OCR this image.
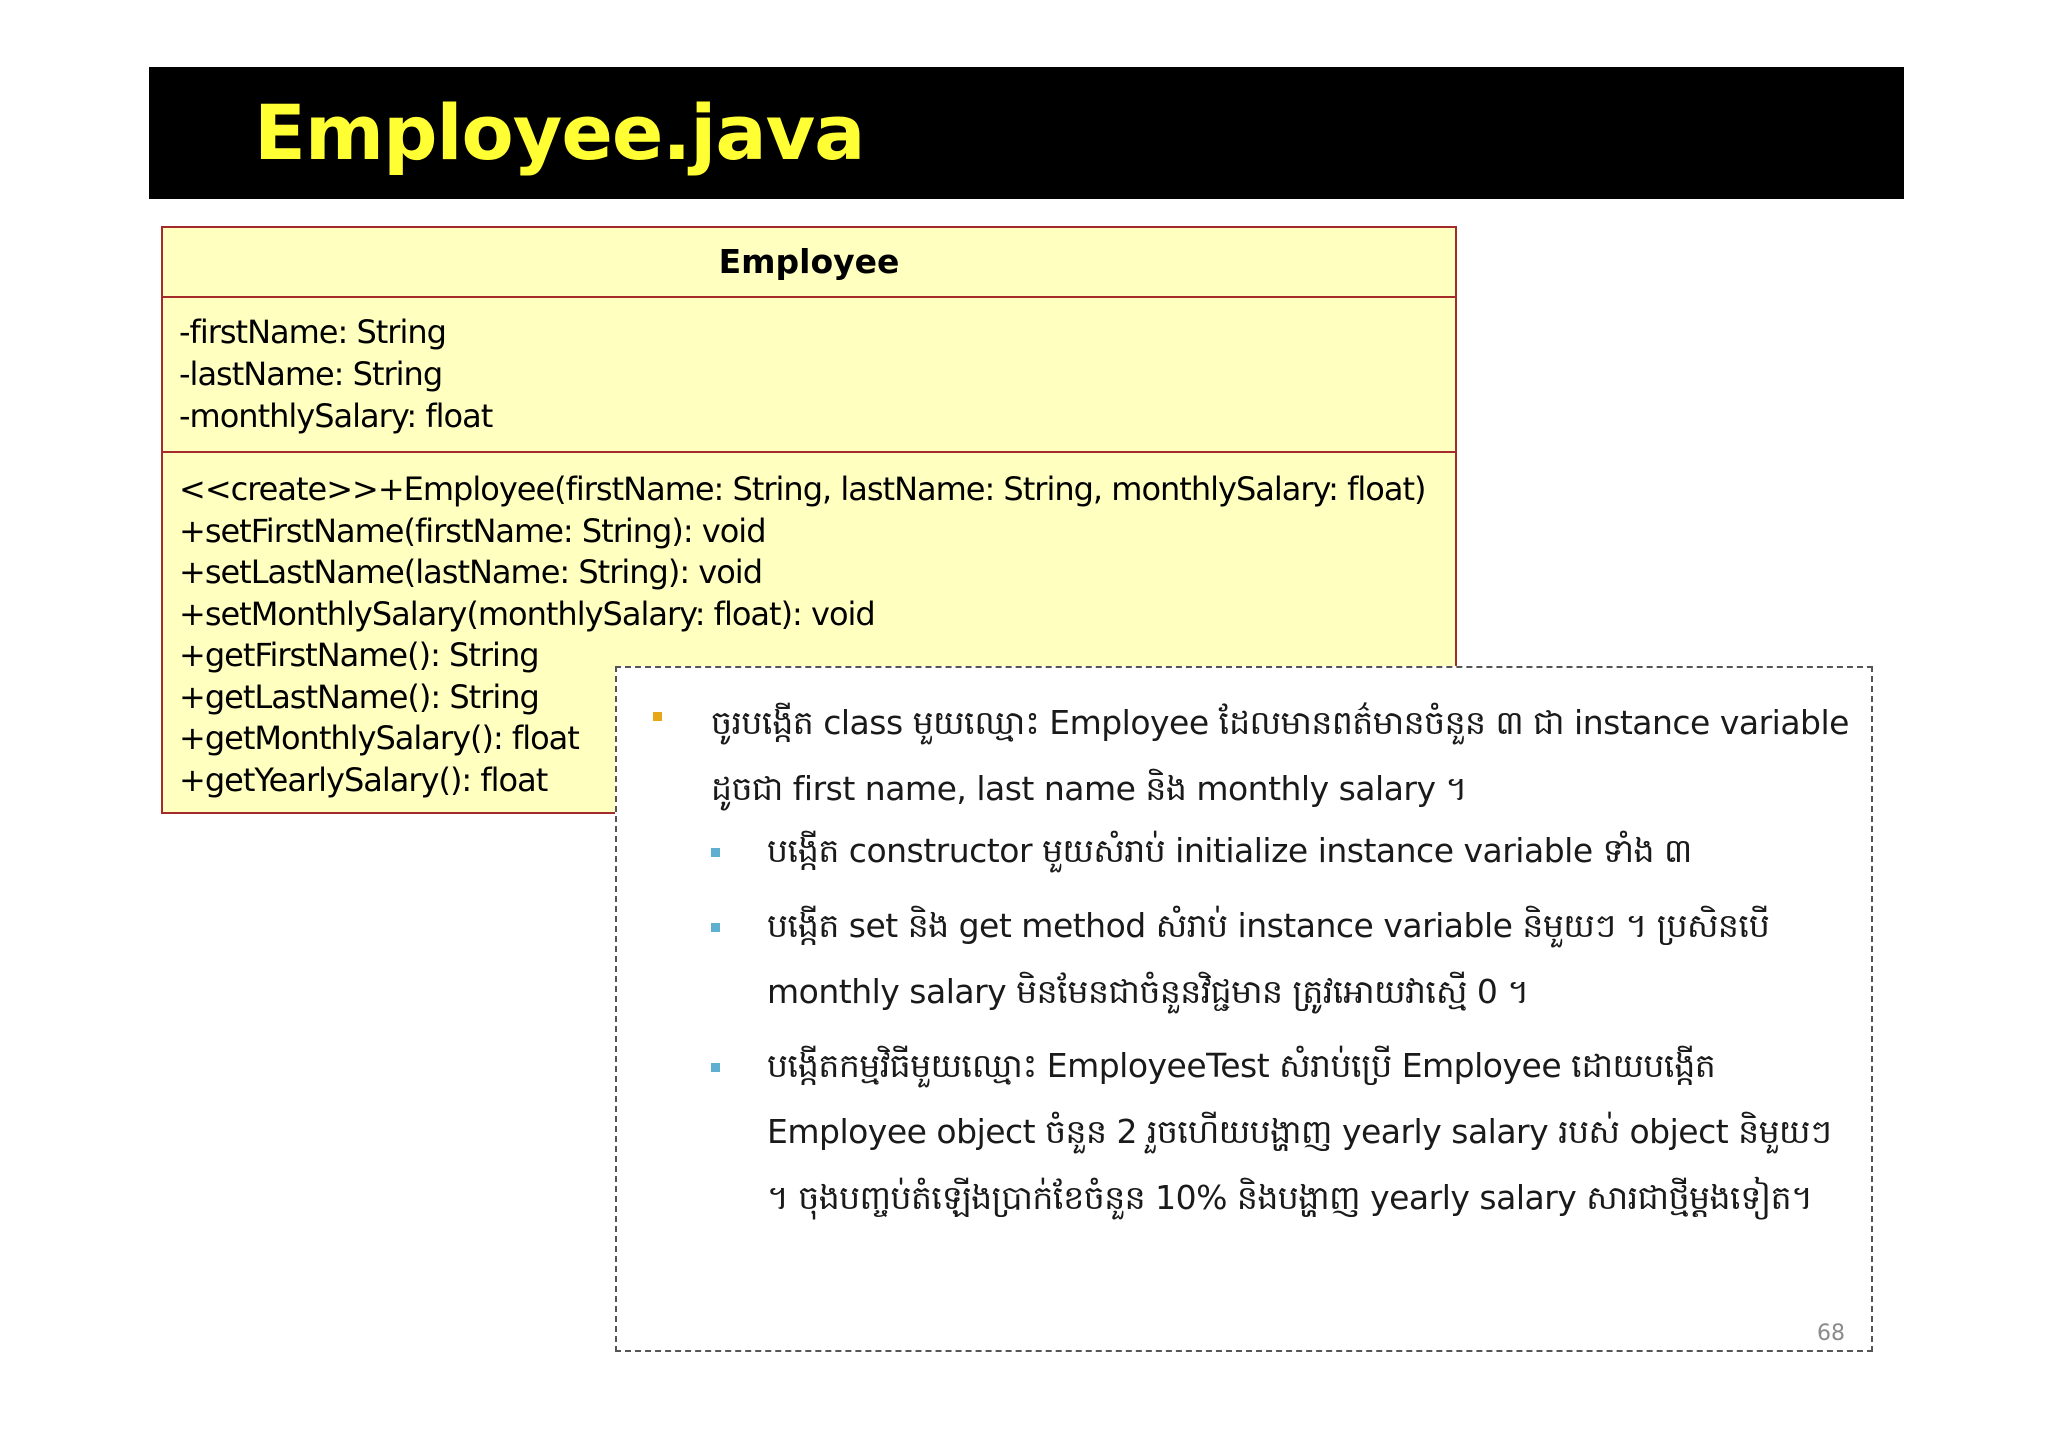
Employee.java
Employee
-firstName: String
-lastName: String
-monthlySalary: float
<<create>>+Employee(firstName: String, lastName: String, monthlySalary: float)
+setFirstName(firstName: String): void
+setLastName(lastName: String): void
+setMonthlySalary(monthlySalary: float): void
+getFirstName(): String
+getLastName(): String
+getMonthlySalary(): float
+getYearlySalary(): float
ចូរបង្កើត class មួយឈ្មោះ Employee ដែលមានពត៌មានចំនួន ៣ ជា instance variable ដូចជា first name, last name និង monthly salary ។
បង្កើត constructor មួយសំរាប់ initialize instance variable ទាំង ៣
បង្កើត set និង get method សំរាប់ instance variable និមួយៗ ។ ប្រសិនបើ monthly salary មិនមែនជាចំនួនវិជ្ជមាន ត្រូវអោយវាស្មើ 0 ។
បង្កើតកម្មវិធីមួយឈ្មោះ EmployeeTest សំរាប់ប្រើ Employee ដោយបង្កើត Employee object ចំនួន 2 រួចហើយបង្ហាញ yearly salary របស់ object និមួយៗ ។ ចុងបញ្ចប់តំឡើងប្រាក់ខែចំនួន 10% និងបង្ហាញ yearly salary សារជាថ្មីម្តងទៀត។
68
